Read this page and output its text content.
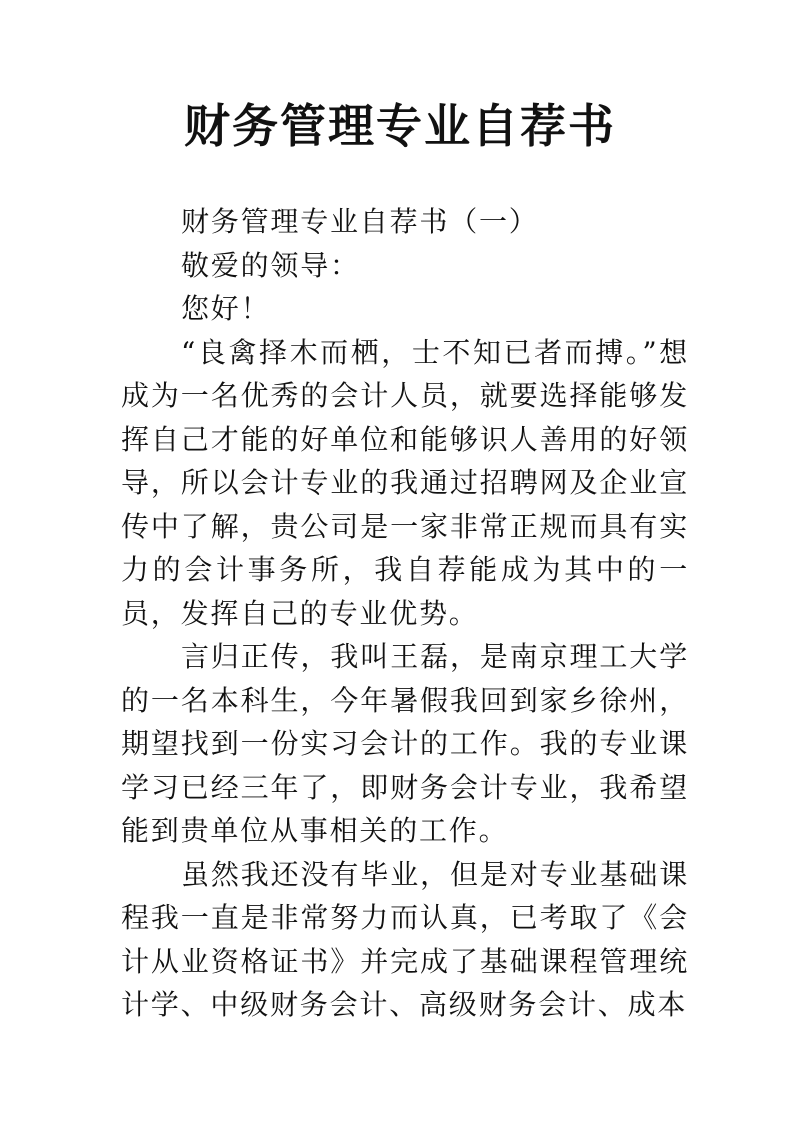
财务管理专业自荐书

财务管理专业自荐书（一）

敬爱的领导：

您好！

“良禽择木而栖，士不知已者而搏。”想成为一名优秀的会计人员，就要选择能够发挥自己才能的好单位和能够识人善用的好领导，所以会计专业的我通过招聘网及企业宣传中了解，贵公司是一家非常正规而具有实力的会计事务所，我自荐能成为其中的一员，发挥自己的专业优势。

言归正传，我叫王磊，是南京理工大学的一名本科生，今年暑假我回到家乡徐州，期望找到一份实习会计的工作。我的专业课学习已经三年了，即财务会计专业，我希望能到贵单位从事相关的工作。

虽然我还没有毕业，但是对专业基础课程我一直是非常努力而认真，已考取了《会计从业资格证书》并完成了基础课程管理统计学、中级财务会计、高级财务会计、成本
